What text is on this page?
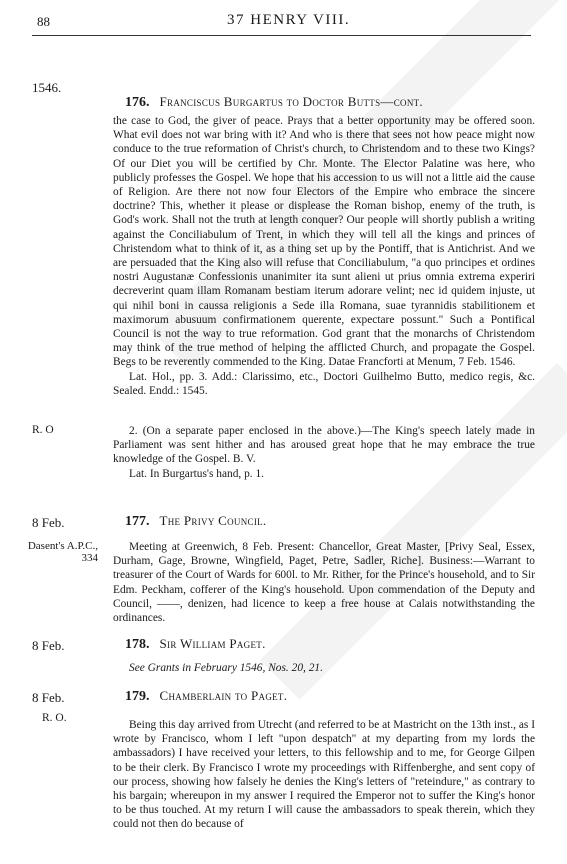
88	37 HENRY VIII.
1546.
176. Franciscus Burgartus to Doctor Butts—cont.

the case to God, the giver of peace. Prays that a better opportunity may be offered soon. What evil does not war bring with it? And who is there that sees not how peace might now conduce to the true reformation of Christ's church, to Christendom and to these two Kings? Of our Diet you will be certified by Chr. Monte. The Elector Palatine was here, who publicly professes the Gospel. We hope that his accession to us will not a little aid the cause of Religion. Are there not now four Electors of the Empire who embrace the sincere doctrine? This, whether it please or displease the Roman bishop, enemy of the truth, is God's work. Shall not the truth at length conquer? Our people will shortly publish a writing against the Conciliabulum of Trent, in which they will tell all the kings and princes of Christendom what to think of it, as a thing set up by the Pontiff, that is Antichrist. And we are persuaded that the King also will refuse that Conciliabulum, "a quo principes et ordines nostri Augustanæ Confessionis unanimiter ita sunt alieni ut prius omnia extrema experiri decreverint quam illam Romanam bestiam iterum adorare velint; nec id quidem injuste, ut qui nihil boni in caussa religionis a Sede illa Romana, suae tyrannidis stabilitionem et maximorum abusuum confirmationem querente, expectare possunt." Such a Pontifical Council is not the way to true reformation. God grant that the monarchs of Christendom may think of the true method of helping the afflicted Church, and propagate the Gospel. Begs to be reverently commended to the King. Datae Francforti at Menum, 7 Feb. 1546.

Lat. Hol., pp. 3. Add.: Clarissimo, etc., Doctori Guilhelmo Butto, medico regis, &c. Sealed. Endd.: 1545.

R. O	2. (On a separate paper enclosed in the above.)—The King's speech lately made in Parliament was sent hither and has aroused great hope that he may embrace the true knowledge of the Gospel. B. V.

Lat. In Burgartus's hand, p. 1.

8 Feb.	177. The Privy Council.
Dasent's A.P.C., 334

Meeting at Greenwich, 8 Feb. Present: Chancellor, Great Master, [Privy Seal, Essex, Durham, Gage, Browne, Wingfield, Paget, Petre, Sadler, Riche]. Business:—Warrant to treasurer of the Court of Wards for 600l. to Mr. Rither, for the Prince's household, and to Sir Edm. Peckham, cofferer of the King's household. Upon commendation of the Deputy and Council, ——, denizen, had licence to keep a free house at Calais notwithstanding the ordinances.

8 Feb.	178. Sir William Paget.

See Grants in February 1546, Nos. 20, 21.

8 Feb.	179. Chamberlain to Paget.
R. O.

Being this day arrived from Utrecht (and referred to be at Mastricht on the 13th inst., as I wrote by Francisco, whom I left "upon despatch" at my departing from my lords the ambassadors) I have received your letters, to this fellowship and to me, for George Gilpen to be their clerk. By Francisco I wrote my proceedings with Riffenberghe, and sent copy of our process, showing how falsely he denies the King's letters of "reteindure," as contrary to his bargain; whereupon in my answer I required the Emperor not to suffer the King's honor to be thus touched. At my return I will cause the ambassadors to speak therein, which they could not then do because of
